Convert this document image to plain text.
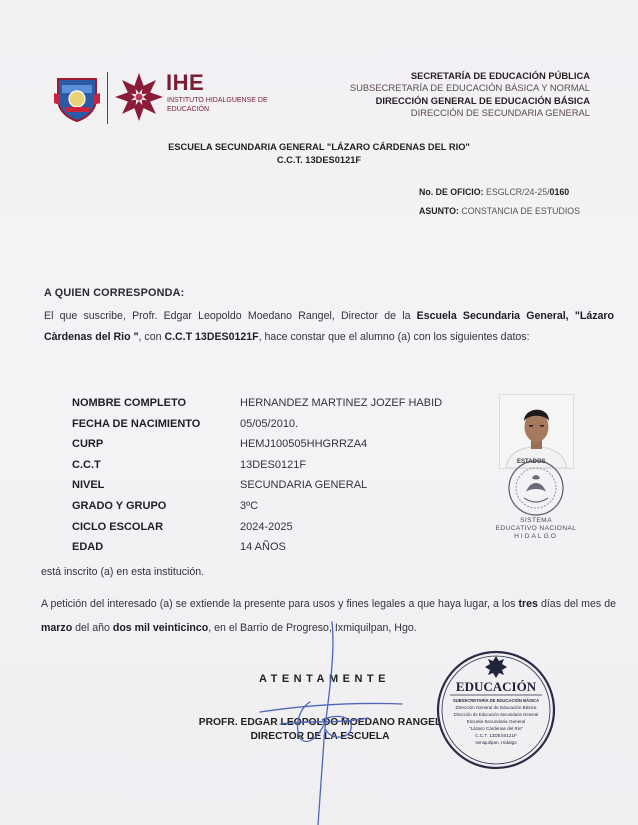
IHE
INSTITUTO HIDALGUENSE DE EDUCACIÓN
SECRETARÍA DE EDUCACIÓN PÚBLICA
SUBSECRETARÍA DE EDUCACIÓN BÁSICA Y NORMAL
DIRECCIÓN GENERAL DE EDUCACIÓN BÁSICA
DIRECCIÓN DE SECUNDARIA GENERAL
ESCUELA SECUNDARIA GENERAL "LÁZARO CÁRDENAS DEL RIO"
C.C.T. 13DES0121F
No. DE OFICIO: ESGLCR/24-25/0160
ASUNTO: CONSTANCIA DE ESTUDIOS
A QUIEN CORRESPONDA:
El que suscribe, Profr. Edgar Leopoldo Moedano Rangel, Director de la Escuela Secundaria General, "Lázaro Càrdenas del Rio ", con C.C.T 13DES0121F, hace constar que el alumno (a) con los siguientes datos:
NOMBRE COMPLETO	HERNANDEZ MARTINEZ JOZEF HABID
FECHA DE NACIMIENTO	05/05/2010.
CURP	HEMJ100505HHGRRZA4
C.C.T	13DES0121F
NIVEL	SECUNDARIA GENERAL
GRADO Y GRUPO	3ºC
CICLO ESCOLAR	2024-2025
EDAD	14 AÑOS
ESTADOS
SISTEMA
EDUCATIVO NACIONAL
HIDALGO
está inscrito (a) en esta institución.
A petición del interesado (a) se extiende la presente para usos y fines legales a que haya lugar, a los tres días del mes de marzo del año dos mil veinticinco, en el Barrio de Progreso, Ixmiquilpan, Hgo.
ATENTAMENTE
PROFR. EDGAR LEOPOLDO MOEDANO RANGEL
DIRECTOR DE LA ESCUELA
EDUCACIÓN
SUBSECRETARÍA DE EDUCACIÓN BÁSICA
Dirección General de Educación Básica
Dirección de Educación Secundaria General
Escuela Secundaria General
"Lázaro Càrdenas del Rio"
C.C.T. 13DES0121F
Ixmiquilpan, Hidalgo
